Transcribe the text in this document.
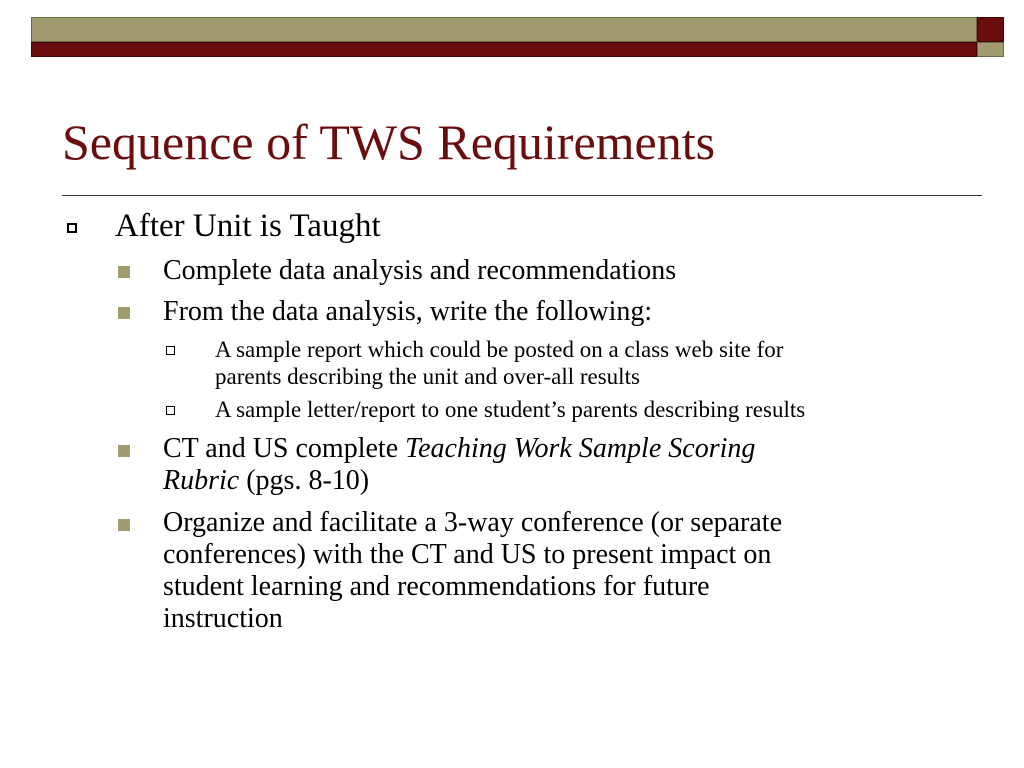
Sequence of TWS Requirements
After Unit is Taught
Complete data analysis and recommendations
From the data analysis, write the following:
A sample report which could be posted on a class web site for
parents describing the unit and over-all results
A sample letter/report to one student’s parents describing results
CT and US complete Teaching Work Sample Scoring
Rubric (pgs. 8-10)
Organize and facilitate a 3-way conference (or separate
conferences) with the CT and US to present impact on
student learning and recommendations for future
instruction
